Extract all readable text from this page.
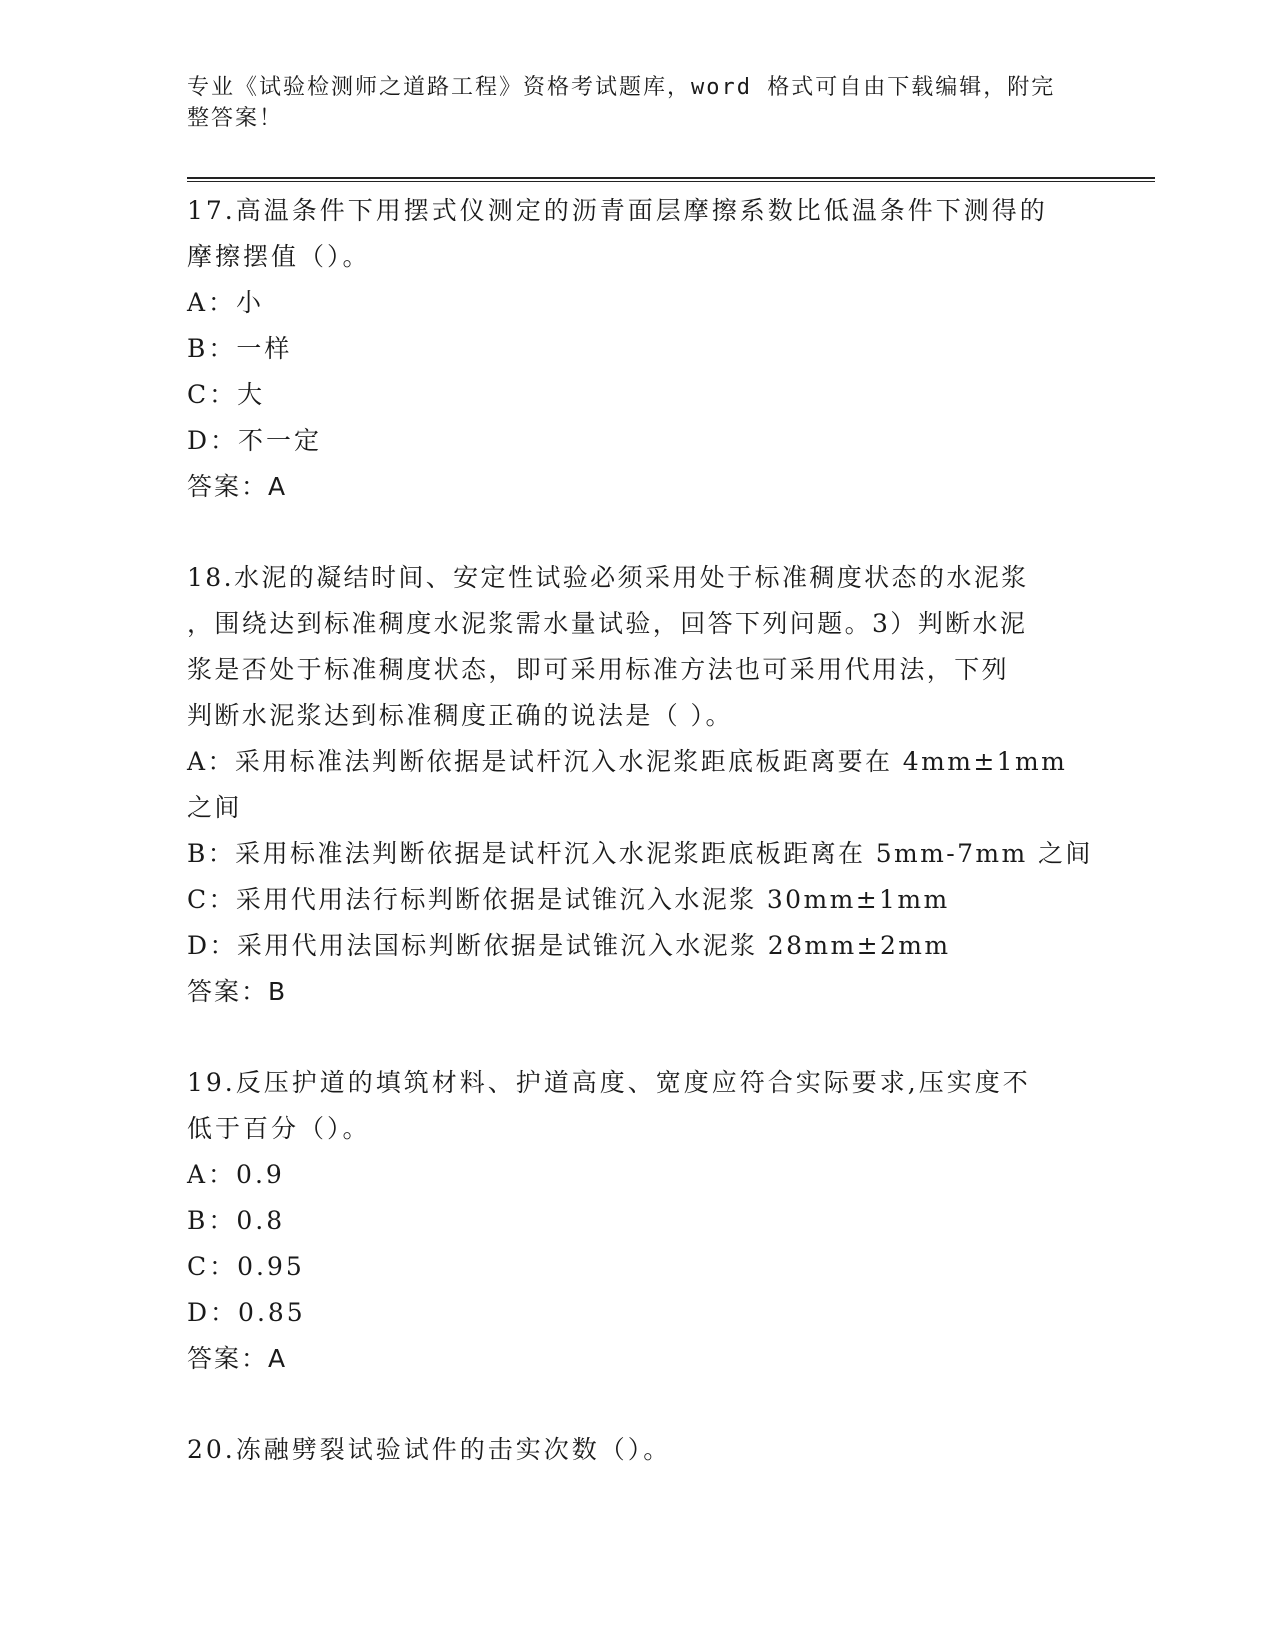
专业《试验检测师之道路工程》资格考试题库，word 格式可自由下载编辑，附完
整答案！
17.高温条件下用摆式仪测定的沥青面层摩擦系数比低温条件下测得的
摩擦摆值（）。
A：小
B：一样
C：大
D：不一定
答案：A
18.水泥的凝结时间、安定性试验必须采用处于标准稠度状态的水泥浆
，围绕达到标准稠度水泥浆需水量试验，回答下列问题。3）判断水泥
浆是否处于标准稠度状态，即可采用标准方法也可采用代用法，下列
判断水泥浆达到标准稠度正确的说法是（ ）。
A：采用标准法判断依据是试杆沉入水泥浆距底板距离要在 4mm±1mm
之间
B：采用标准法判断依据是试杆沉入水泥浆距底板距离在 5mm-7mm 之间
C：采用代用法行标判断依据是试锥沉入水泥浆 30mm±1mm
D：采用代用法国标判断依据是试锥沉入水泥浆 28mm±2mm
答案：B
19.反压护道的填筑材料、护道高度、宽度应符合实际要求,压实度不
低于百分（）。
A：0.9
B：0.8
C：0.95
D：0.85
答案：A
20.冻融劈裂试验试件的击实次数（）。
